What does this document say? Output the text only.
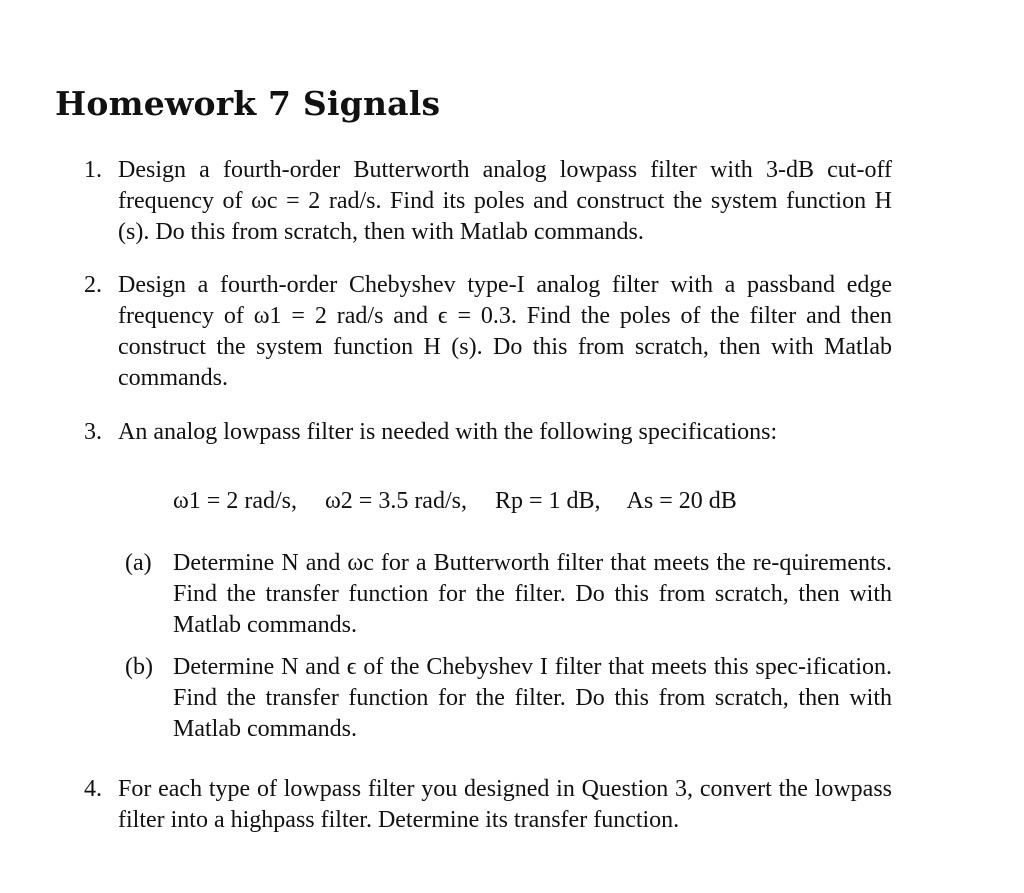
Homework 7 Signals
1. Design a fourth-order Butterworth analog lowpass filter with 3-dB cut-off frequency of ωc = 2 rad/s. Find its poles and construct the system function H (s). Do this from scratch, then with Matlab commands.
2. Design a fourth-order Chebyshev type-I analog filter with a passband edge frequency of ω1 = 2 rad/s and ϵ = 0.3. Find the poles of the filter and then construct the system function H (s). Do this from scratch, then with Matlab commands.
3. An analog lowpass filter is needed with the following specifications:
ω1 = 2 rad/s, ω2 = 3.5 rad/s, Rp = 1 dB, As = 20 dB
(a) Determine N and ωc for a Butterworth filter that meets the re-quirements. Find the transfer function for the filter. Do this from scratch, then with Matlab commands.
(b) Determine N and ϵ of the Chebyshev I filter that meets this spec-ification. Find the transfer function for the filter. Do this from scratch, then with Matlab commands.
4. For each type of lowpass filter you designed in Question 3, convert the lowpass filter into a highpass filter. Determine its transfer function.
